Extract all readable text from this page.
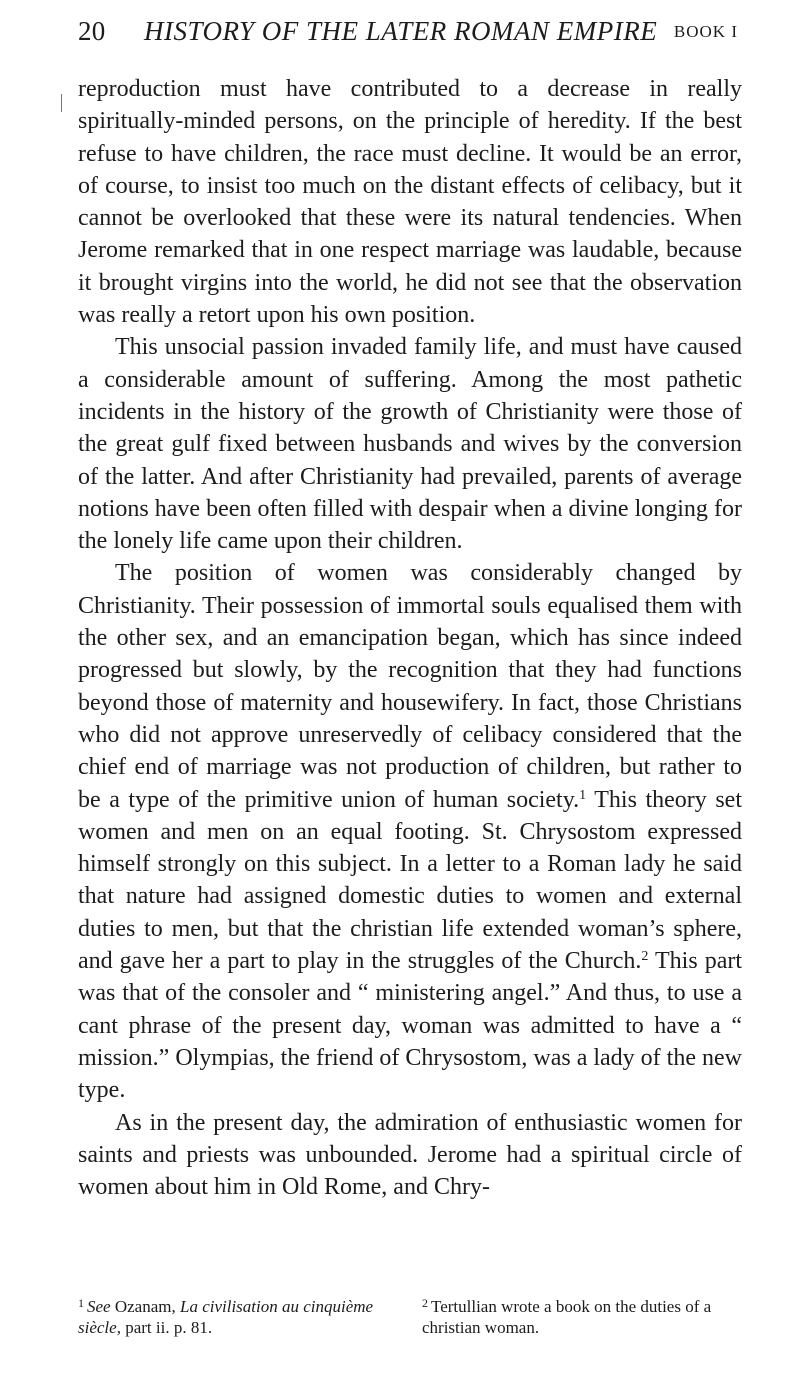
20 HISTORY OF THE LATER ROMAN EMPIRE BOOK I

reproduction must have contributed to a decrease in really spiritually-minded persons, on the principle of heredity. If the best refuse to have children, the race must decline. It would be an error, of course, to insist too much on the distant effects of celibacy, but it cannot be overlooked that these were its natural tendencies. When Jerome remarked that in one respect marriage was laudable, because it brought virgins into the world, he did not see that the observation was really a retort upon his own position.

This unsocial passion invaded family life, and must have caused a considerable amount of suffering. Among the most pathetic incidents in the history of the growth of Christianity were those of the great gulf fixed between husbands and wives by the conversion of the latter. And after Christianity had prevailed, parents of average notions have been often filled with despair when a divine longing for the lonely life came upon their children.

The position of women was considerably changed by Christianity. Their possession of immortal souls equalised them with the other sex, and an emancipation began, which has since indeed progressed but slowly, by the recognition that they had functions beyond those of maternity and housewifery. In fact, those Christians who did not approve unreservedly of celibacy considered that the chief end of marriage was not production of children, but rather to be a type of the primitive union of human society.$^1$ This theory set women and men on an equal footing. St. Chrysostom expressed himself strongly on this subject. In a letter to a Roman lady he said that nature had assigned domestic duties to women and external duties to men, but that the christian life extended woman’s sphere, and gave her a part to play in the struggles of the Church.$^2$ This part was that of the consoler and “ ministering angel.” And thus, to use a cant phrase of the present day, woman was admitted to have a “ mission.” Olympias, the friend of Chrysostom, was a lady of the new type.

As in the present day, the admiration of enthusiastic women for saints and priests was unbounded. Jerome had a spiritual circle of women about him in Old Rome, and Chry-

$^1$ See Ozanam, La civilisation au cinquième siècle, part ii. p. 81.
$^2$ Tertullian wrote a book on the duties of a christian woman.
